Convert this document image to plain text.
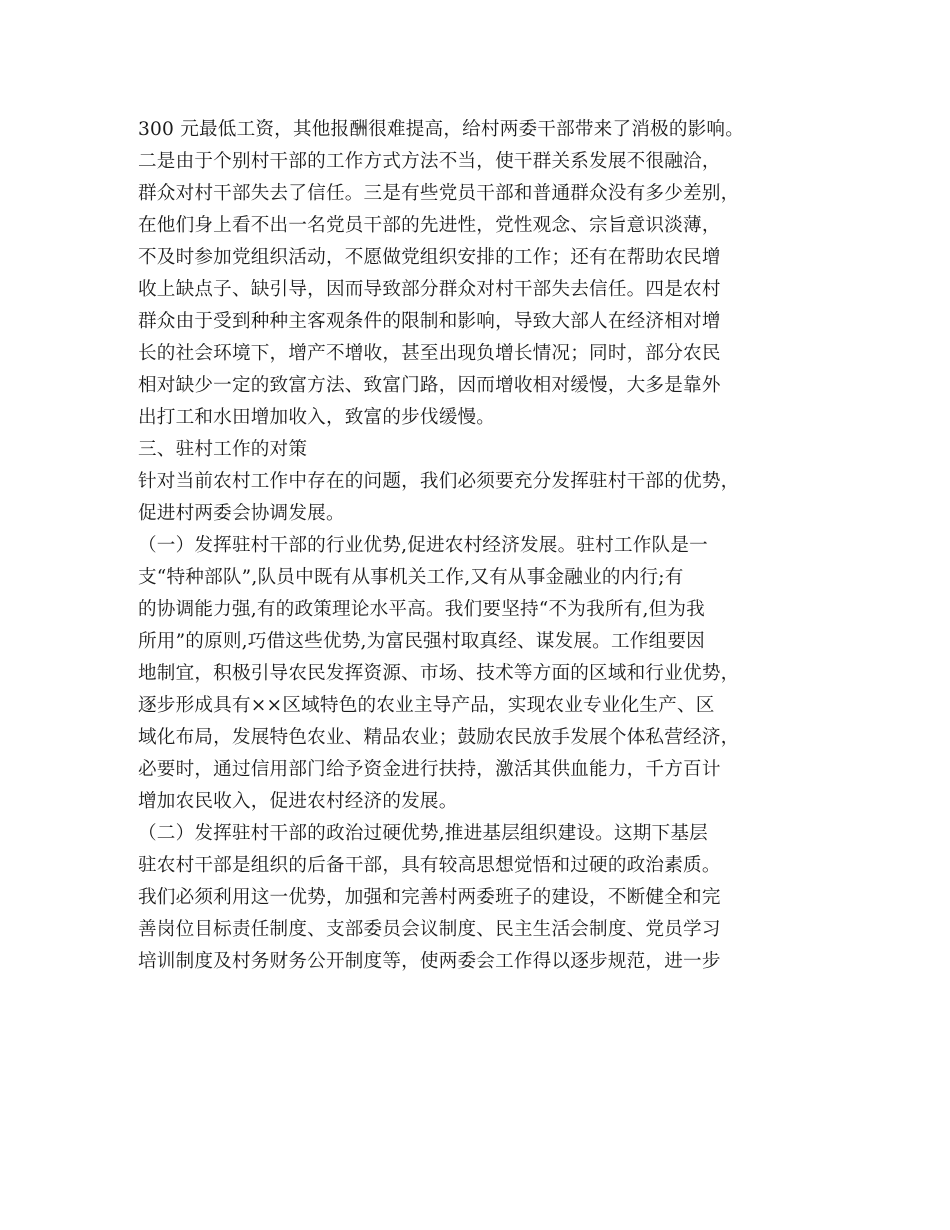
300 元最低工资，其他报酬很难提高，给村两委干部带来了消极的影响。
二是由于个别村干部的工作方式方法不当，使干群关系发展不很融洽，
群众对村干部失去了信任。三是有些党员干部和普通群众没有多少差别，
在他们身上看不出一名党员干部的先进性，党性观念、宗旨意识淡薄，
不及时参加党组织活动，不愿做党组织安排的工作；还有在帮助农民增
收上缺点子、缺引导，因而导致部分群众对村干部失去信任。四是农村
群众由于受到种种主客观条件的限制和影响，导致大部人在经济相对增
长的社会环境下，增产不增收，甚至出现负增长情况；同时，部分农民
相对缺少一定的致富方法、致富门路，因而增收相对缓慢，大多是靠外
出打工和水田增加收入，致富的步伐缓慢。
三、驻村工作的对策
针对当前农村工作中存在的问题，我们必须要充分发挥驻村干部的优势，
促进村两委会协调发展。
（一）发挥驻村干部的行业优势,促进农村经济发展。驻村工作队是一
支“特种部队”,队员中既有从事机关工作,又有从事金融业的内行;有
的协调能力强,有的政策理论水平高。我们要坚持“不为我所有,但为我
所用”的原则,巧借这些优势,为富民强村取真经、谋发展。工作组要因
地制宜，积极引导农民发挥资源、市场、技术等方面的区域和行业优势，
逐步形成具有××区域特色的农业主导产品，实现农业专业化生产、区
域化布局，发展特色农业、精品农业；鼓励农民放手发展个体私营经济，
必要时，通过信用部门给予资金进行扶持，激活其供血能力，千方百计
增加农民收入，促进农村经济的发展。
（二）发挥驻村干部的政治过硬优势,推进基层组织建设。这期下基层
驻农村干部是组织的后备干部，具有较高思想觉悟和过硬的政治素质。
我们必须利用这一优势，加强和完善村两委班子的建设，不断健全和完
善岗位目标责任制度、支部委员会议制度、民主生活会制度、党员学习
培训制度及村务财务公开制度等，使两委会工作得以逐步规范，进一步
